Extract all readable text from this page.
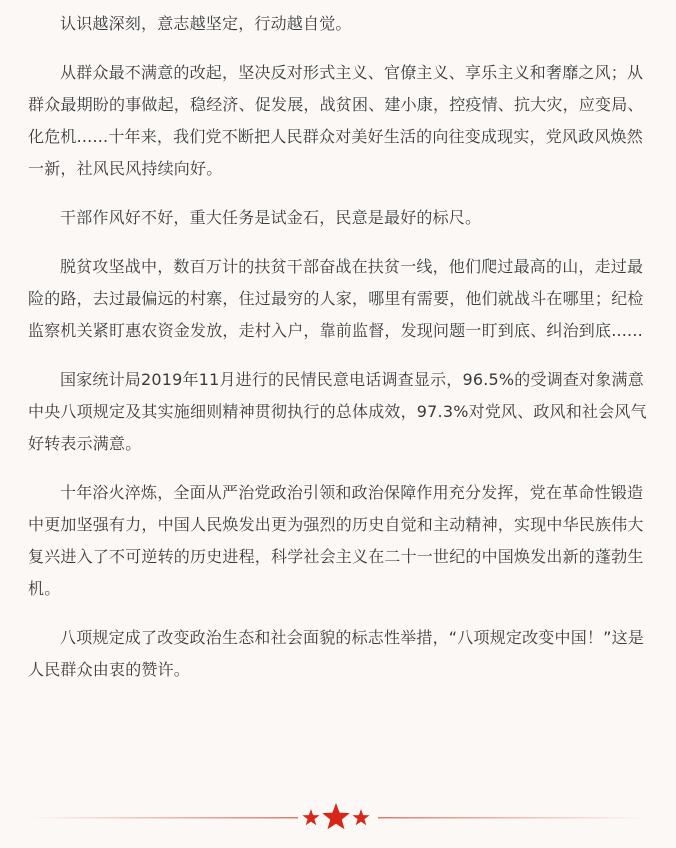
认识越深刻，意志越坚定，行动越自觉。

从群众最不满意的改起，坚决反对形式主义、官僚主义、享乐主义和奢靡之风；从群众最期盼的事做起，稳经济、促发展，战贫困、建小康，控疫情、抗大灾，应变局、化危机......十年来，我们党不断把人民群众对美好生活的向往变成现实，党风政风焕然一新，社风民风持续向好。

干部作风好不好，重大任务是试金石，民意是最好的标尺。

脱贫攻坚战中，数百万计的扶贫干部奋战在扶贫一线，他们爬过最高的山，走过最险的路，去过最偏远的村寨，住过最穷的人家，哪里有需要，他们就战斗在哪里；纪检监察机关紧盯惠农资金发放，走村入户，靠前监督，发现问题一盯到底、纠治到底......

国家统计局2019年11月进行的民情民意电话调查显示，96.5%的受调查对象满意中央八项规定及其实施细则精神贯彻执行的总体成效，97.3%对党风、政风和社会风气好转表示满意。

十年浴火淬炼，全面从严治党政治引领和政治保障作用充分发挥，党在革命性锻造中更加坚强有力，中国人民焕发出更为强烈的历史自觉和主动精神，实现中华民族伟大复兴进入了不可逆转的历史进程，科学社会主义在二十一世纪的中国焕发出新的蓬勃生机。

八项规定成了改变政治生态和社会面貌的标志性举措，“八项规定改变中国！”这是人民群众由衷的赞许。
